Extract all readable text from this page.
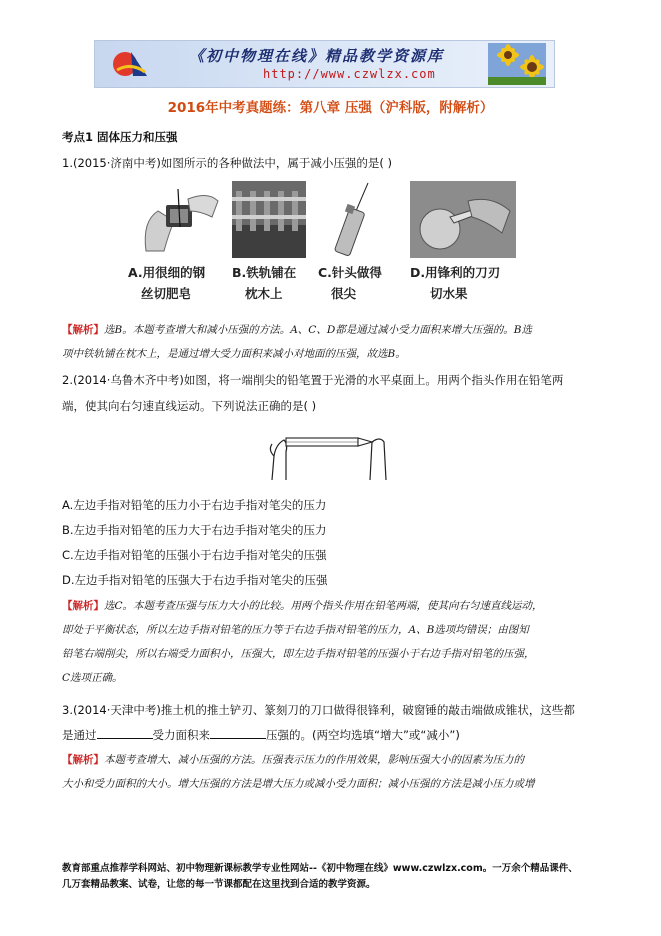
《初中物理在线》精品教学资源库
http://www.czwlzx.com
2016年中考真题练：第八章 压强（沪科版，附解析）
考点1 固体压力和压强
1.(2015·济南中考)如图所示的各种做法中，属于减小压强的是( )
A.用很细的钢
丝切肥皂
B.铁轨铺在
枕木上
C.针头做得
很尖
D.用锋利的刀刃
切水果
【解析】选B。本题考查增大和减小压强的方法。A、C、D都是通过减小受力面积来增大压强的。B选
项中铁轨铺在枕木上，是通过增大受力面积来减小对地面的压强，故选B。
2.(2014·乌鲁木齐中考)如图，将一端削尖的铅笔置于光滑的水平桌面上。用两个指头作用在铅笔两
端，使其向右匀速直线运动。下列说法正确的是( )
A.左边手指对铅笔的压力小于右边手指对笔尖的压力
B.左边手指对铅笔的压力大于右边手指对笔尖的压力
C.左边手指对铅笔的压强小于右边手指对笔尖的压强
D.左边手指对铅笔的压强大于右边手指对笔尖的压强
【解析】选C。本题考查压强与压力大小的比较。用两个指头作用在铅笔两端，使其向右匀速直线运动，
即处于平衡状态，所以左边手指对铅笔的压力等于右边手指对铅笔的压力，A、B选项均错误；由图知
铅笔右端削尖，所以右端受力面积小，压强大，即左边手指对铅笔的压强小于右边手指对铅笔的压强，
C选项正确。
3.(2014·天津中考)推土机的推土铲刃、篆刻刀的刀口做得很锋利，破窗锤的敲击端做成锥状，这些都
是通过	受力面积来	压强的。(两空均选填“增大”或“减小”)
【解析】本题考查增大、减小压强的方法。压强表示压力的作用效果，影响压强大小的因素为压力的
大小和受力面积的大小。增大压强的方法是增大压力或减小受力面积；减小压强的方法是减小压力或增
教育部重点推荐学科网站、初中物理新课标教学专业性网站--《初中物理在线》www.czwlzx.com。一万余个精品课件、
几万套精品教案、试卷，让您的每一节课都配在这里找到合适的教学资源。
